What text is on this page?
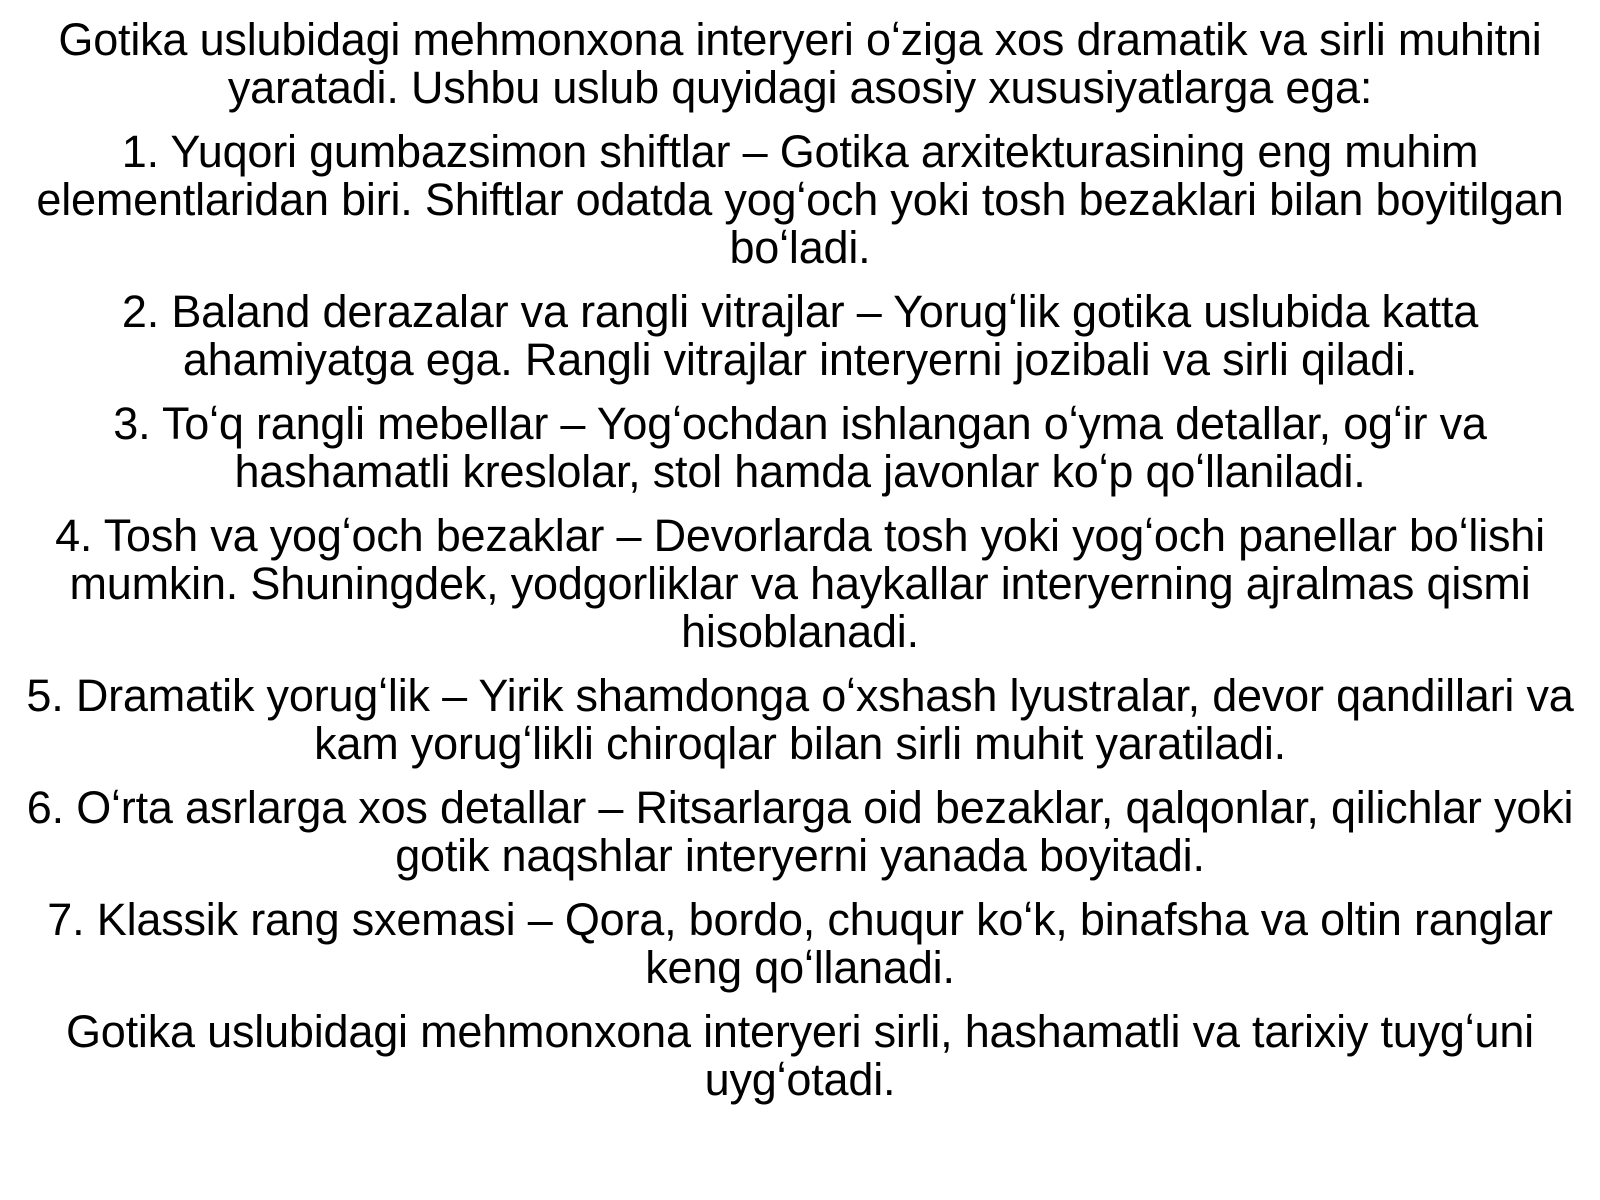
Gotika uslubidagi mehmonxona interyeri oʻziga xos dramatik va sirli muhitni yaratadi. Ushbu uslub quyidagi asosiy xususiyatlarga ega:

1. Yuqori gumbazsimon shiftlar – Gotika arxitekturasining eng muhim elementlaridan biri. Shiftlar odatda yogʻoch yoki tosh bezaklari bilan boyitilgan boʻladi.

2. Baland derazalar va rangli vitrajlar – Yorugʻlik gotika uslubida katta ahamiyatga ega. Rangli vitrajlar interyerni jozibali va sirli qiladi.

3. Toʻq rangli mebellar – Yogʻochdan ishlangan oʻyma detallar, ogʻir va hashamatli kreslolar, stol hamda javonlar koʻp qoʻllaniladi.

4. Tosh va yogʻoch bezaklar – Devorlarda tosh yoki yogʻoch panellar boʻlishi mumkin. Shuningdek, yodgorliklar va haykallar interyerning ajralmas qismi hisoblanadi.

5. Dramatik yorugʻlik – Yirik shamdonga oʻxshash lyustralar, devor qandillari va kam yorugʻlikli chiroqlar bilan sirli muhit yaratiladi.

6. Oʻrta asrlarga xos detallar – Ritsarlarga oid bezaklar, qalqonlar, qilichlar yoki gotik naqshlar interyerni yanada boyitadi.

7. Klassik rang sxemasi – Qora, bordo, chuqur koʻk, binafsha va oltin ranglar keng qoʻllanadi.

Gotika uslubidagi mehmonxona interyeri sirli, hashamatli va tarixiy tuygʻuni uygʻotadi.
